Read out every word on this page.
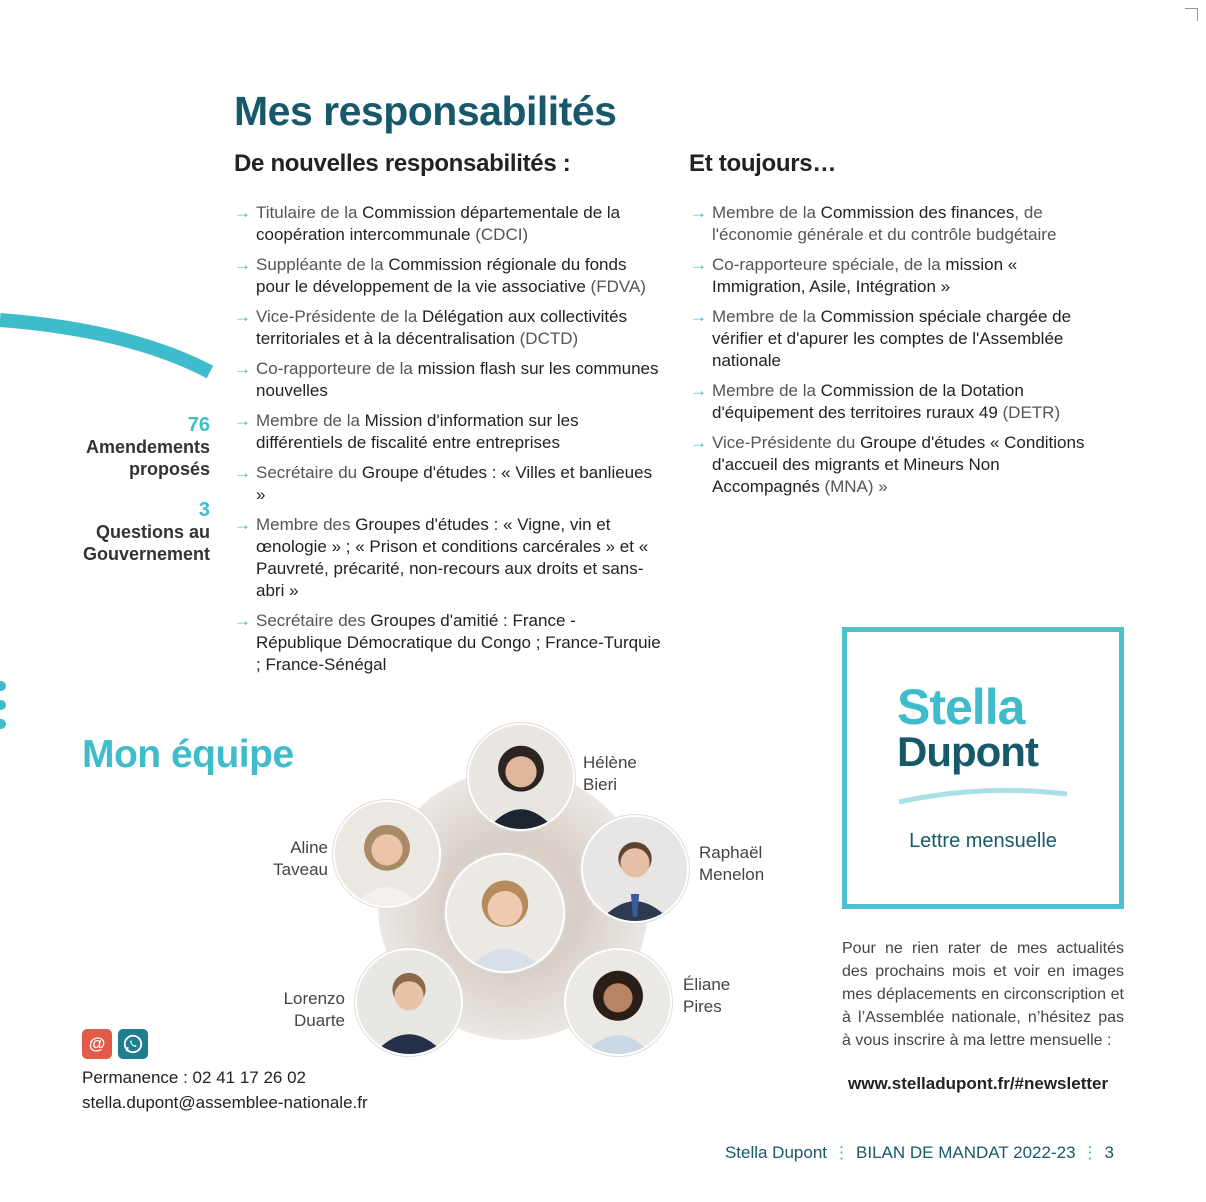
Mes responsabilités
De nouvelles responsabilités :
→ Titulaire de la Commission départementale de la coopération intercommunale (CDCI)
→ Suppléante de la Commission régionale du fonds pour le développement de la vie associative (FDVA)
→ Vice-Présidente de la Délégation aux collectivités territoriales et à la décentralisation (DCTD)
→ Co-rapporteure de la mission flash sur les communes nouvelles
→ Membre de la Mission d'information sur les différentiels de fiscalité entre entreprises
→ Secrétaire du Groupe d'études : « Villes et banlieues »
→ Membre des Groupes d'études : « Vigne, vin et œnologie » ; « Prison et conditions carcérales » et « Pauvreté, précarité, non-recours aux droits et sans-abri »
→ Secrétaire des Groupes d'amitié : France - République Démocratique du Congo ; France-Turquie ; France-Sénégal
Et toujours…
→ Membre de la Commission des finances, de l'économie générale et du contrôle budgétaire
→ Co-rapporteure spéciale, de la mission « Immigration, Asile, Intégration »
→ Membre de la Commission spéciale chargée de vérifier et d'apurer les comptes de l'Assemblée nationale
→ Membre de la Commission de la Dotation d'équipement des territoires ruraux 49 (DETR)
→ Vice-Présidente du Groupe d'études « Conditions d'accueil des migrants et Mineurs Non Accompagnés (MNA) »
76
Amendements
proposés
3
Questions au
Gouvernement
Mon équipe	Hélène
Bieri
Aline
Taveau
Raphaël
Menelon
Lorenzo
Duarte
Éliane
Pires
@
Permanence : 02 41 17 26 02
stella.dupont@assemblee-nationale.fr
Stella
Dupont
Lettre mensuelle
Pour ne rien rater de mes actualités des prochains mois et voir en images mes déplacements en circonscription et à l’Assemblée nationale, n’hésitez pas à vous inscrire à ma lettre mensuelle :
www.stelladupont.fr/#newsletter
Stella Dupont ⋮ BILAN DE MANDAT 2022-23 ⋮ 3
